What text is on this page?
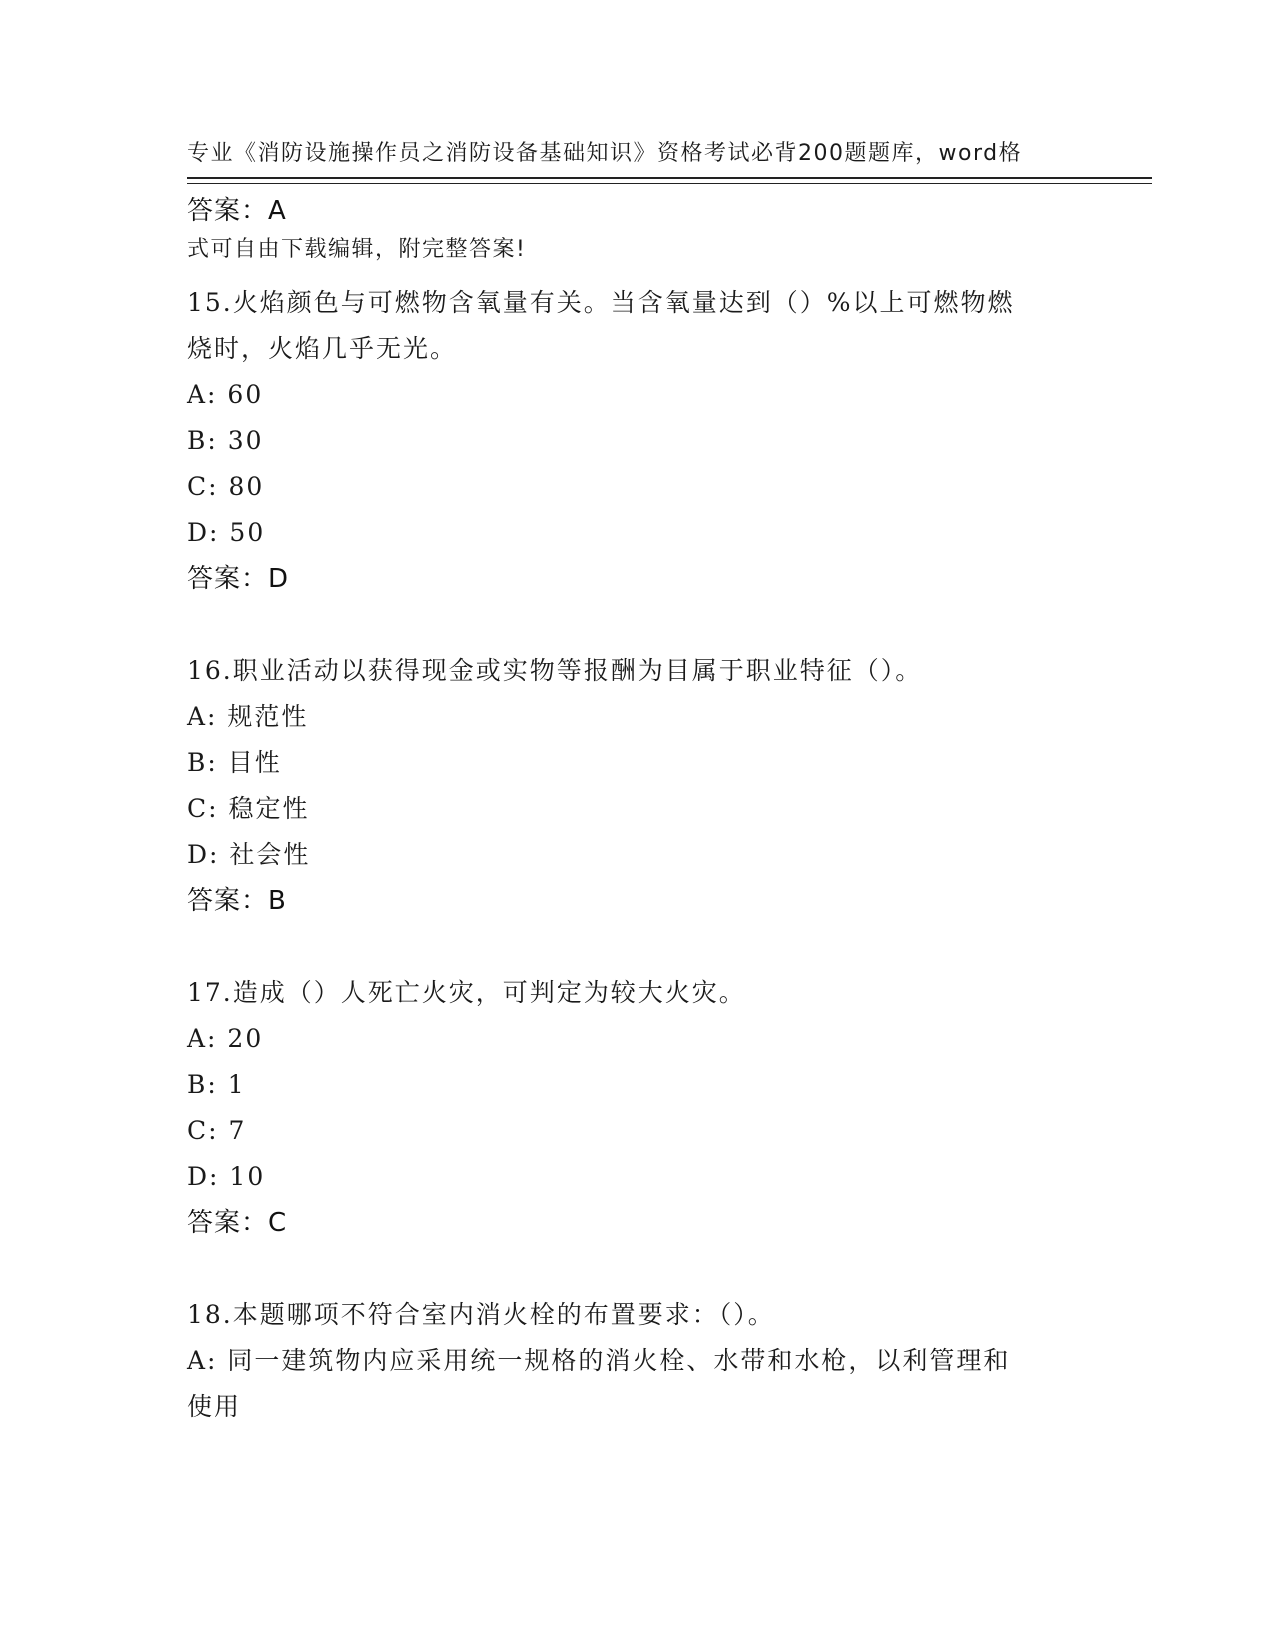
专业《消防设施操作员之消防设备基础知识》资格考试必背200题题库，word格

式可自由下载编辑，附完整答案!

答案：A
15.火焰颜色与可燃物含氧量有关。当含氧量达到（）%以上可燃物燃
烧时，火焰几乎无光。
A: 60
B: 30
C: 80
D: 50
答案：D
16.职业活动以获得现金或实物等报酬为目属于职业特征（）。
A: 规范性
B: 目性
C: 稳定性
D: 社会性
答案：B
17.造成（）人死亡火灾，可判定为较大火灾。
A: 20
B: 1
C: 7
D: 10
答案：C
18.本题哪项不符合室内消火栓的布置要求：（）。
A: 同一建筑物内应采用统一规格的消火栓、水带和水枪，以利管理和
使用
